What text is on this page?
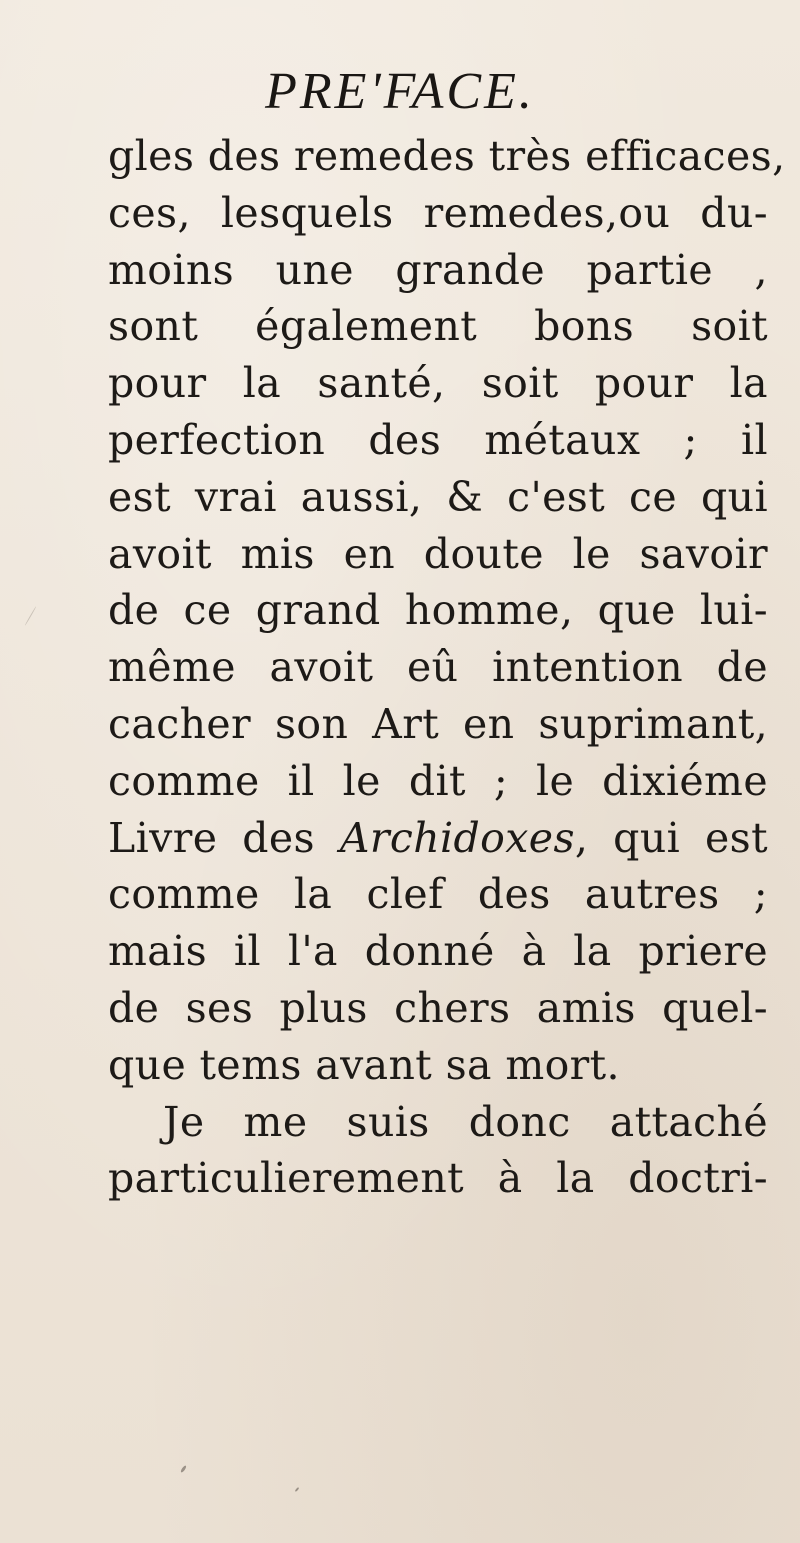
PRE'FACE.
gles des remedes très efficaces,
ces, lesquels remedes,ou du-
moins une grande partie ,
sont également bons soit
pour la santé, soit pour la
perfection des métaux ; il
est vrai aussi, & c'est ce qui
avoit mis en doute le savoir
de ce grand homme, que lui-
même avoit eû intention de
cacher son Art en suprimant,
comme il le dit ; le dixiéme
Livre des Archidoxes, qui est
comme la clef des autres ;
mais il l'a donné à la priere
de ses plus chers amis quel-
que tems avant sa mort.
Je me suis donc attaché
particulierement à la doctri-
